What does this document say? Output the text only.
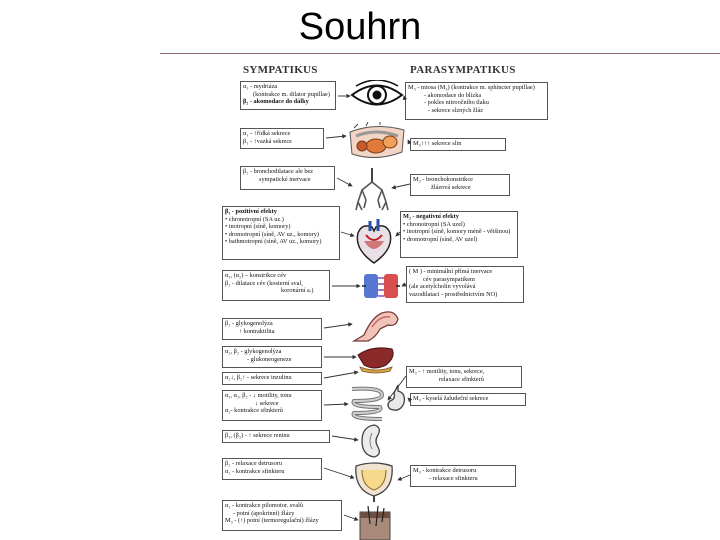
Souhrn
SYMPATIKUS	PARASYMPATIKUS
α₁ - mydriáza
(kontrakce m. dilator pupillae)
β₂ - akomodace do dálky
α₁ - ↑řídká sekrece
β₁ - ↑vazká sekrece
β₂ - bronchodilatace ale bez
sympatické inervace
β₁ - pozitivní efekty
• chronotropní (SA uz.)
• inotropní (síně, komory)
• dromotropní (síně, AV uz., komory)
• bathmotropní (síně, AV uz., komory)
α₁, (α₂) – konstrikce cév
β₂ - dilatace cév (kosterní sval,
koronární a.)
β₂ - glykogenolýza
↑ kontraktilita
α₁, β₂ - glykogenolýza
- glukoneogeneze
α₂↓, β₂↑ - sekrece inzulinu
α₁, α₂, β₂ - ↓ motility, tonu
↓ sekrece
α₁- kontrakce sfinkterů
β₁, (β₂) - ↑ sekrece reninu
β₂ - relaxace detrusoru
α₁ - kontrakce sfinkteru
α₁ - kontrakce pilomotor. svalů
- potní (apokrinní) žlázy
M₃ - (↑) potní (termoregulační) žlázy
M₃ - miosa (M₃) (kontrakce m. sphincter pupillae)
- akomodace do blízka
- pokles nitroočního tlaku
- sekrece slzných žláz
M₃↑↑↑ sekrece slin
M₃ - bronchokonstrikce
žlázová sekrece
M₂ - negativní efekty
• chronotropní (SA uzel)
• inotropní (síně, komory méně - většinou)
• dromotropní (síně, AV uzel)
( M ) - minimální přímá inervace
cév parasympatikem
(ale acetylcholin vyvolává
vazodilataci - prostřednictvím NO)
M₃ - ↑ motility, tonu, sekrece,
relaxace sfinkterů
M₃ - kyselá žaludeční sekrece
M₃ - kontrakce detrusoru
- relaxace sfinkteru
